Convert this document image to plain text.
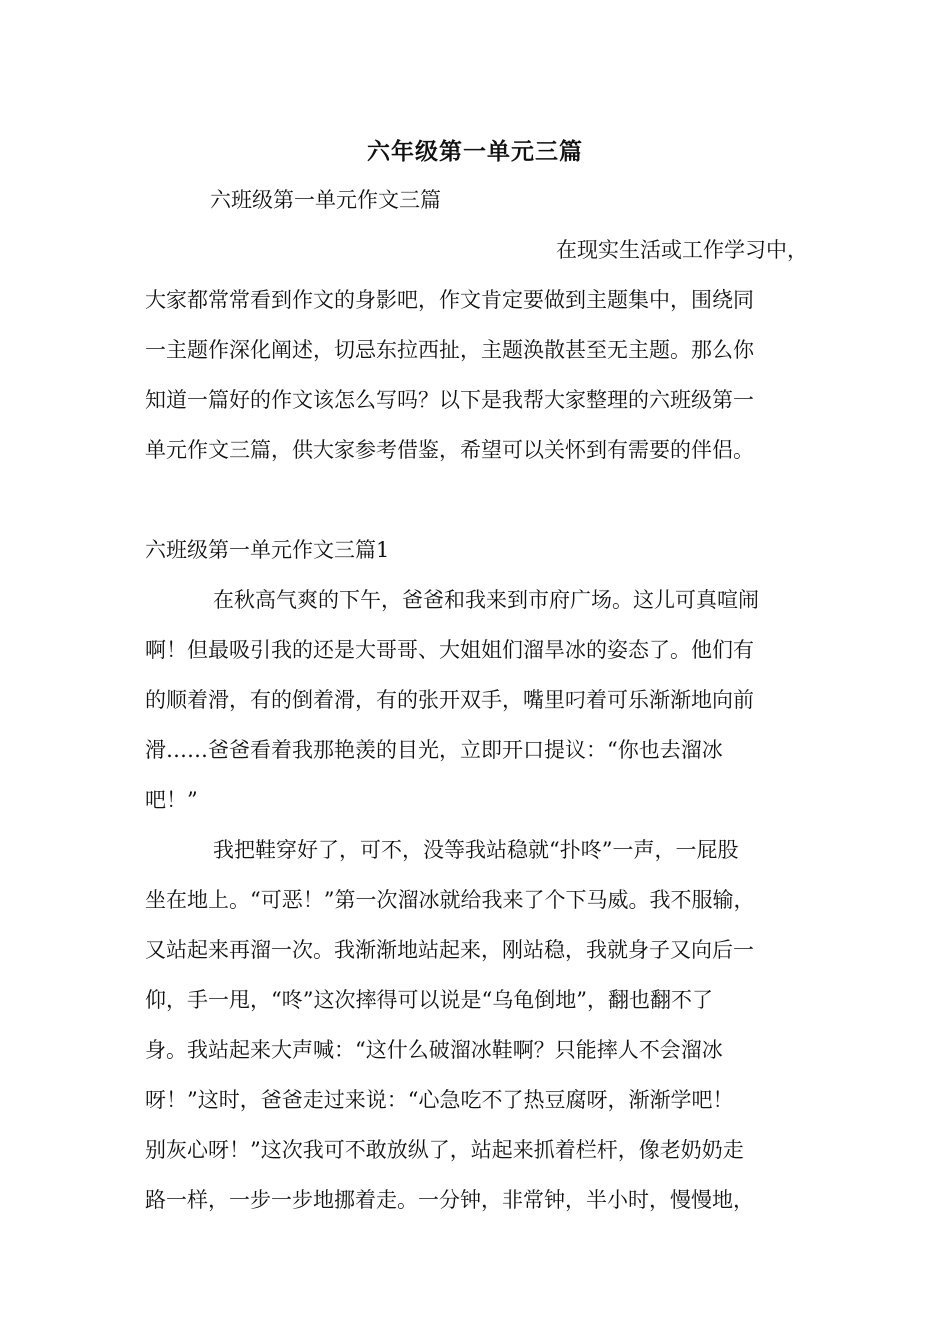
六年级第一单元三篇
六班级第一单元作文三篇
在现实生活或工作学习中，
大家都常常看到作文的身影吧，作文肯定要做到主题集中，围绕同
一主题作深化阐述，切忌东拉西扯，主题涣散甚至无主题。那么你
知道一篇好的作文该怎么写吗？以下是我帮大家整理的六班级第一
单元作文三篇，供大家参考借鉴，希望可以关怀到有需要的伴侣。
六班级第一单元作文三篇1
在秋高气爽的下午，爸爸和我来到市府广场。这儿可真喧闹
啊！但最吸引我的还是大哥哥、大姐姐们溜旱冰的姿态了。他们有
的顺着滑，有的倒着滑，有的张开双手，嘴里叼着可乐渐渐地向前
滑……爸爸看着我那艳羡的目光，立即开口提议：“你也去溜冰
吧！”
我把鞋穿好了，可不，没等我站稳就“扑咚”一声，一屁股
坐在地上。“可恶！”第一次溜冰就给我来了个下马威。我不服输，
又站起来再溜一次。我渐渐地站起来，刚站稳，我就身子又向后一
仰，手一甩，“咚”这次摔得可以说是“乌龟倒地”，翻也翻不了
身。我站起来大声喊：“这什么破溜冰鞋啊？只能摔人不会溜冰
呀！”这时，爸爸走过来说：“心急吃不了热豆腐呀，渐渐学吧！
别灰心呀！”这次我可不敢放纵了，站起来抓着栏杆，像老奶奶走
路一样，一步一步地挪着走。一分钟，非常钟，半小时，慢慢地，
